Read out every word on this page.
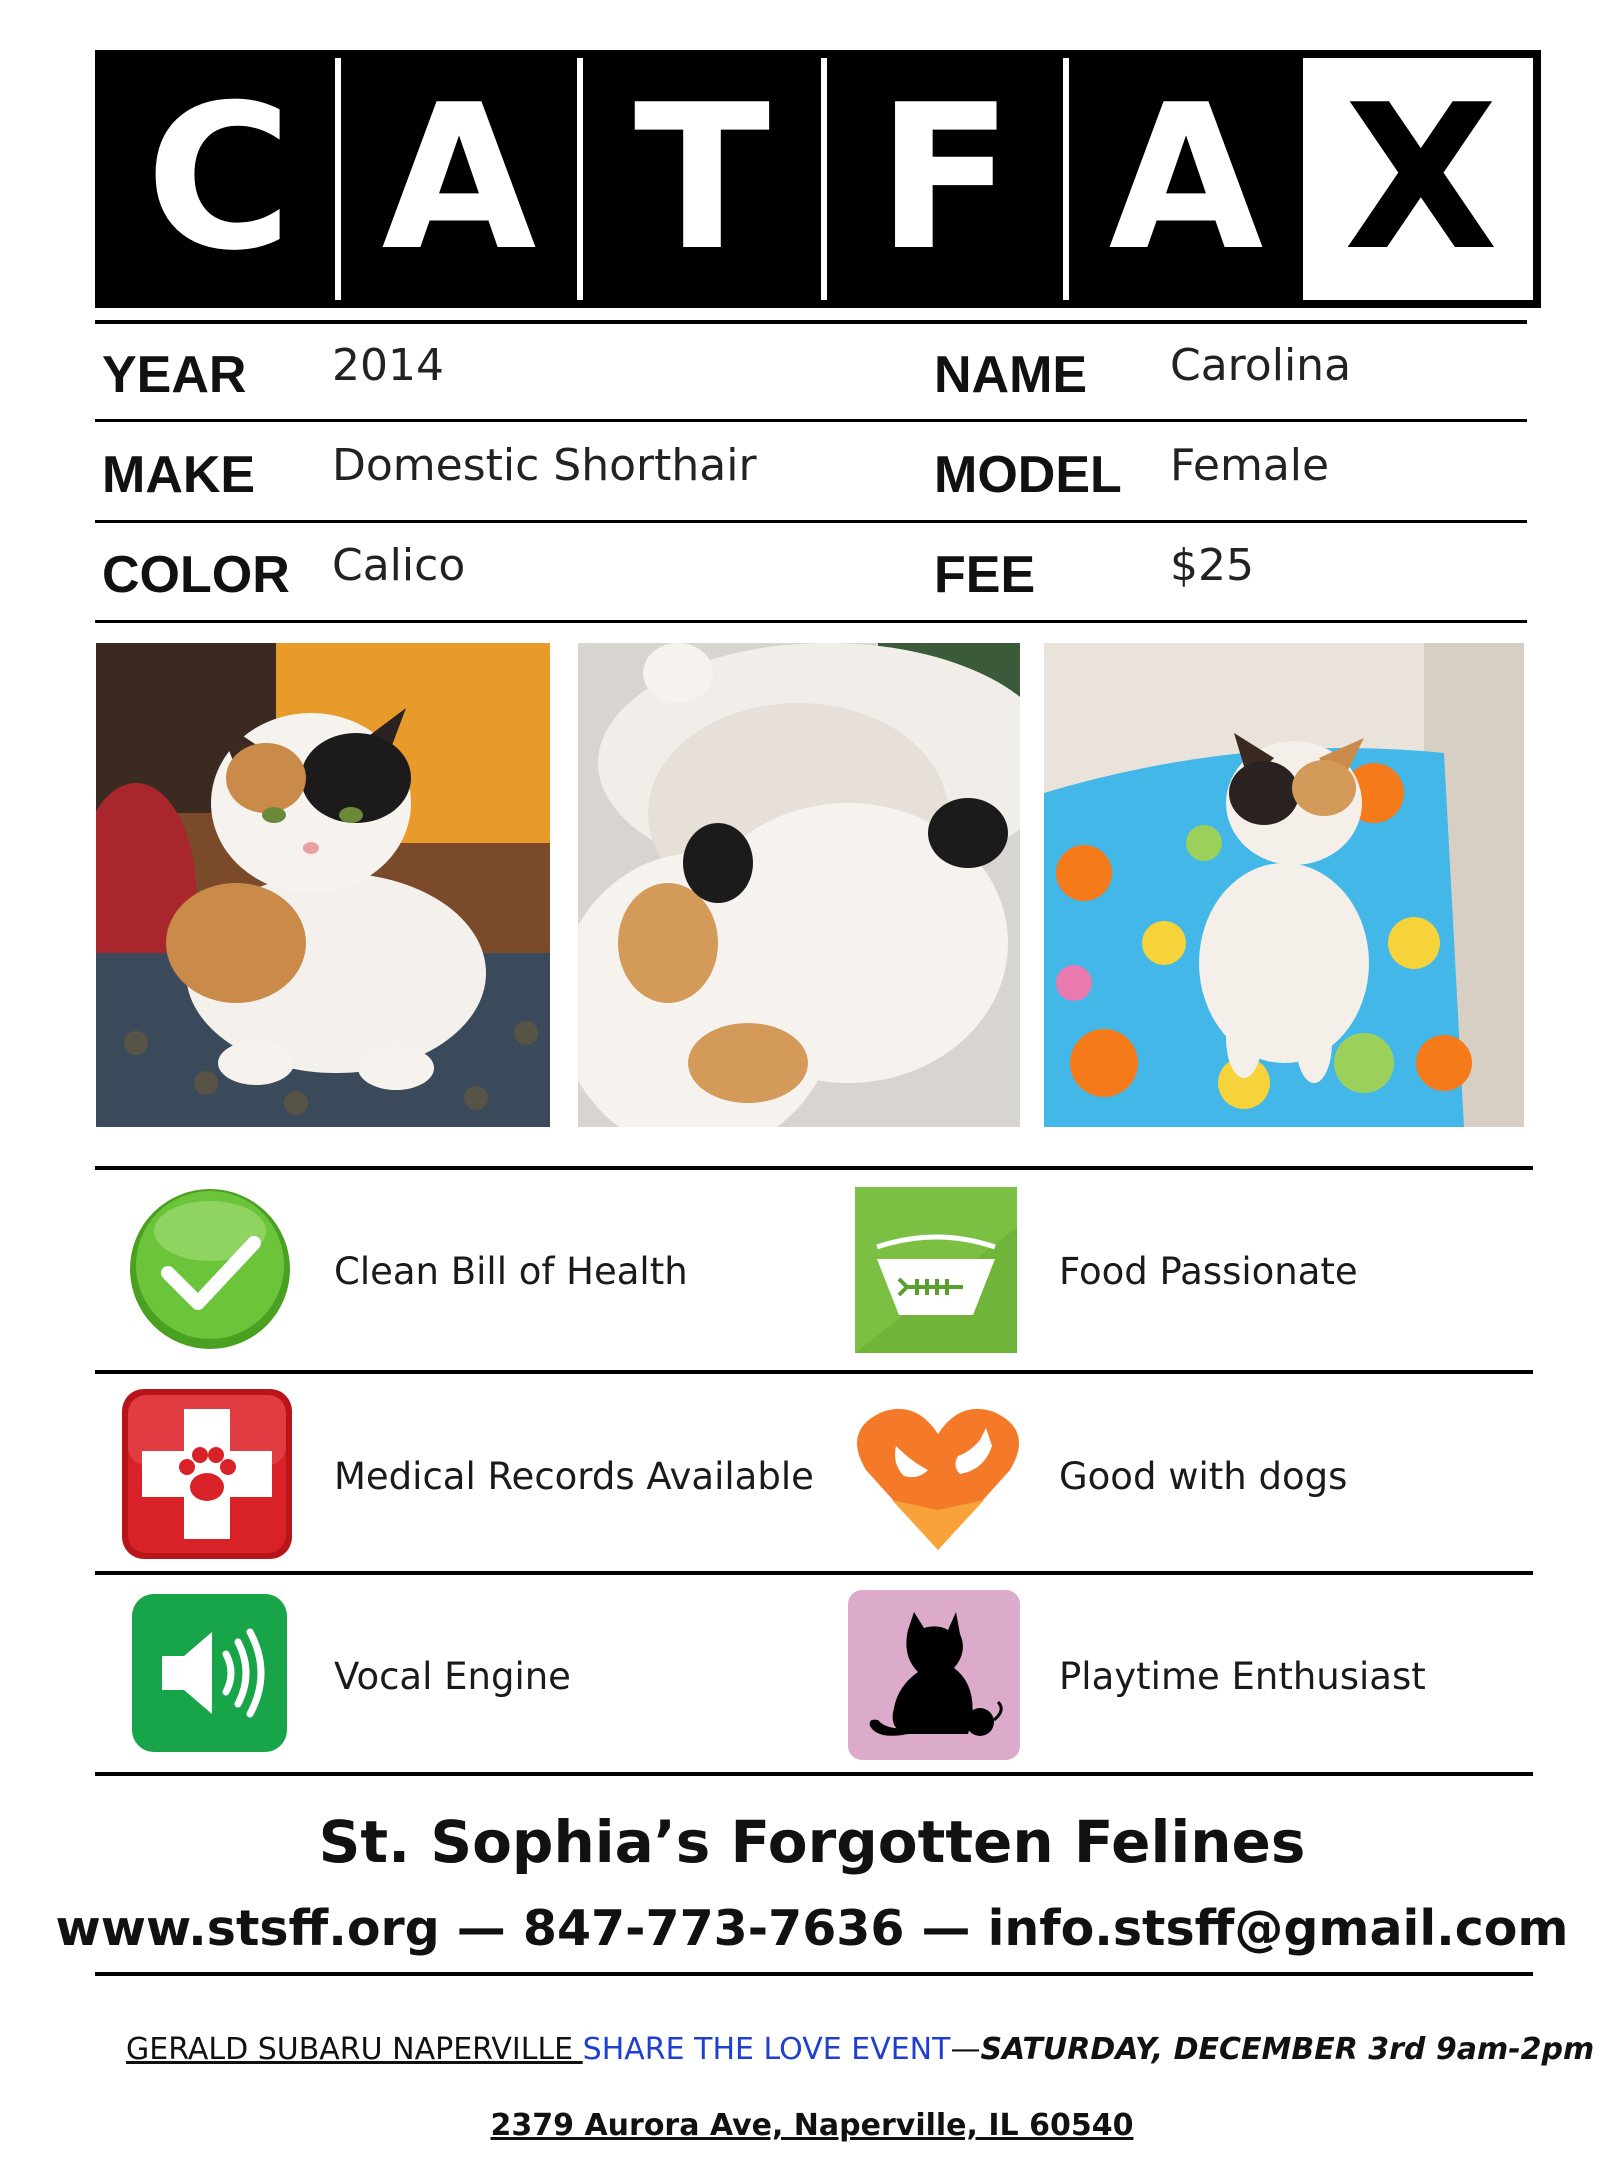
C A T F A X
YEAR 2014	NAME Carolina
MAKE Domestic Shorthair	MODEL Female
COLOR Calico	FEE	$25
Clean Bill of Health	Food Passionate
Medical Records Available	Good with dogs
Vocal Engine	Playtime Enthusiast
St. Sophia’s Forgotten Felines
www.stsff.org — 847-773-7636 — info.stsff@gmail.com
GERALD SUBARU NAPERVILLE SHARE THE LOVE EVENT—SATURDAY, DECEMBER 3rd 9am-2pm
2379 Aurora Ave, Naperville, IL 60540
